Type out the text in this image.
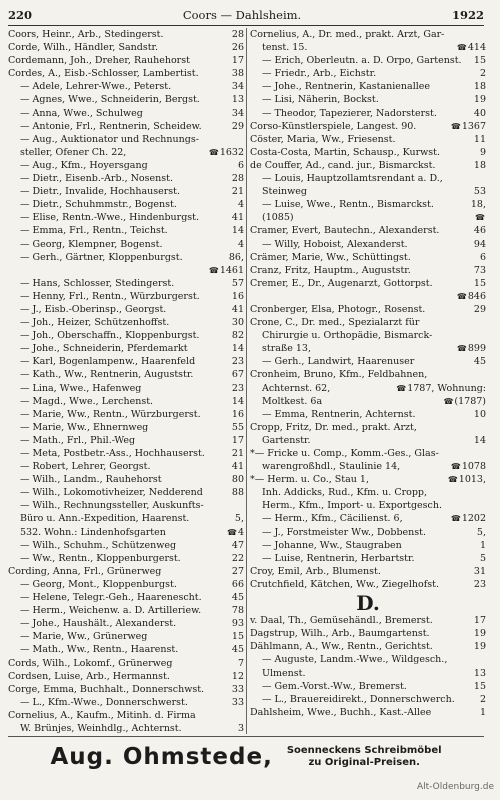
220	Coors — Dahlsheim.	1922
Coors, Heinr., Arb., Stedingerst.	28
Corde, Wilh., Händler, Sandstr.	26
Cordemann, Joh., Dreher, Rauhehorst	17
Cordes, A., Eisb.-Schlosser, Lambertist.	38
— Adele, Lehrer-Wwe., Peterst.	34
— Agnes, Wwe., Schneiderin, Bergst.	13
— Anna, Wwe., Schulweg	34
— Antonie, Frl., Rentnerin, Scheidew.	29
— Aug., Auktionator und Rechnungs-
steller, Ofener Ch. 22,	☎ 1632
— Aug., Kfm., Hoyersgang	6
— Dietr., Eisenb.-Arb., Nosenst.	28
— Dietr., Invalide, Hochhauserst.	21
— Dietr., Schuhmmstr., Bogenst.	4
— Elise, Rentn.-Wwe., Hindenburgst.	41
— Emma, Frl., Rentn., Teichst.	14
— Georg, Klempner, Bogenst.	4
— Gerh., Gärtner, Kloppenburgst.	86,
☎ 1461
— Hans, Schlosser, Stedingerst.	57
— Henny, Frl., Rentn., Würzburgerst.	16
— J., Eisb.-Oberinsp., Georgst.	41
— Joh., Heizer, Schützenhoffst.	30
— Joh., Oberschaffn., Kloppenburgst.	82
— Johe., Schneiderin, Pferdemarkt	14
— Karl, Bogenlampenw., Haarenfeld	23
— Kath., Ww., Rentnerin, Auguststr.	67
— Lina, Wwe., Hafenweg	23
— Magd., Wwe., Lerchenst.	14
— Marie, Ww., Rentn., Würzburgerst.	16
— Marie, Ww., Ehnernweg	55
— Math., Frl., Phil.-Weg	17
— Meta, Postbetr.-Ass., Hochhauserst.	21
— Robert, Lehrer, Georgst.	41
— Wilh., Landm., Rauhehorst	80
— Wilh., Lokomotivheizer, Nedderend	88
— Wilh., Rechnungssteller, Auskunfts-
Büro u. Ann.-Expedition, Haarenst.	5,
532. Wohn.: Lindenhofsgarten	☎ 4
— Wilh., Schuhm., Schützenweg	47
— Ww., Rentn., Kloppenburgerst.	22
Cording, Anna, Frl., Grünerweg	27
— Georg, Mont., Kloppenburgst.	66
— Helene, Telegr.-Geh., Haarenescht.	45
— Herm., Weichenw. a. D. Artilleriew.	78
— Johe., Haushält., Alexanderst.	93
— Marie, Ww., Grünerweg	15
— Math., Ww., Rentn., Haarenst.	45
Cords, Wilh., Lokomf., Grünerweg	7
Cordsen, Luise, Arb., Hermannst.	12
Corge, Emma, Buchhalt., Donnerschwst.	33
— L., Kfm.-Wwe., Donnerschwerst.	33
Cornelius, A., Kaufm., Mitinh. d. Firma
W. Brünjes, Weinhdlg., Achternst.	3
Cornelius, A., Dr. med., prakt. Arzt, Gar-
tenst. 15.	☎ 414
— Erich, Oberleutn. a. D. Orpo, Gartenst.	15
— Friedr., Arb., Eichstr.	2
— Johe., Rentnerin, Kastanienallee	18
— Lisi, Näherin, Bockst.	19
— Theodor, Tapezierer, Nadorsterst.	40
Corso-Künstlerspiele, Langest. 90.	☎ 1367
Cöster, Maria, Ww., Friesenst.	11
Costa-Costa, Martin, Schausp., Kurwst.	9
de Couffer, Ad., cand. jur., Bismarckst.	18
— Louis, Hauptzollamtsrendant a. D.,
Steinweg	53
— Luise, Wwe., Rentn., Bismarckst.	18,
(1085)	☎
Cramer, Evert, Bautechn., Alexanderst.	46
— Willy, Hoboist, Alexanderst.	94
Crämer, Marie, Ww., Schüttingst.	6
Cranz, Fritz, Hauptm., Auguststr.	73
Cremer, E., Dr., Augenarzt, Gottorpst.	15
☎ 846
Cronberger, Elsa, Photogr., Rosenst.	29
Crone, C., Dr. med., Spezialarzt für
Chirurgie u. Orthopädie, Bismarck-
straße 13,	☎ 899
— Gerh., Landwirt, Haarenuser	45
Cronheim, Bruno, Kfm., Feldbahnen,
Achternst. 62,	☎ 1787, Wohnung:
Moltkest. 6a	☎ (1787)
— Emma, Rentnerin, Achternst.	10
Cropp, Fritz, Dr. med., prakt. Arzt,
Gartenstr.	14
*— Fricke u. Comp., Komm.-Ges., Glas-
warengroßhdl., Staulinie 14,	☎ 1078
*— Herm. u. Co., Stau 1,	☎ 1013,
Inh. Addicks, Rud., Kfm. u. Cropp,
Herm., Kfm., Import- u. Exportgesch.
— Herm., Kfm., Cäcilienst. 6,	☎ 1202
— J., Forstmeister Ww., Dobbenst.	5,
— Johanne, Ww., Staugraben	1
— Luise, Rentnerin, Herbartstr.	5
Croy, Emil, Arb., Blumenst.	31
Crutchfield, Kätchen, Ww., Ziegelhofst.	23
D.
v. Daal, Th., Gemüsehändl., Bremerst.	17
Dagstrup, Wilh., Arb., Baumgartenst.	19
Dählmann, A., Ww., Rentn., Gerichtst.	19
— Auguste, Landm.-Wwe., Wildgesch.,
Ulmenst.	13
— Gem.-Vorst.-Ww., Bremerst.	15
— L., Brauereidirekt., Donnerschwerch.	2
Dahlsheim, Wwe., Buchh., Kast.-Allee	1
Aug. Ohmstede, Soenneckens Schreibmöbel
zu Original-Preisen.
Alt-Oldenburg.de
